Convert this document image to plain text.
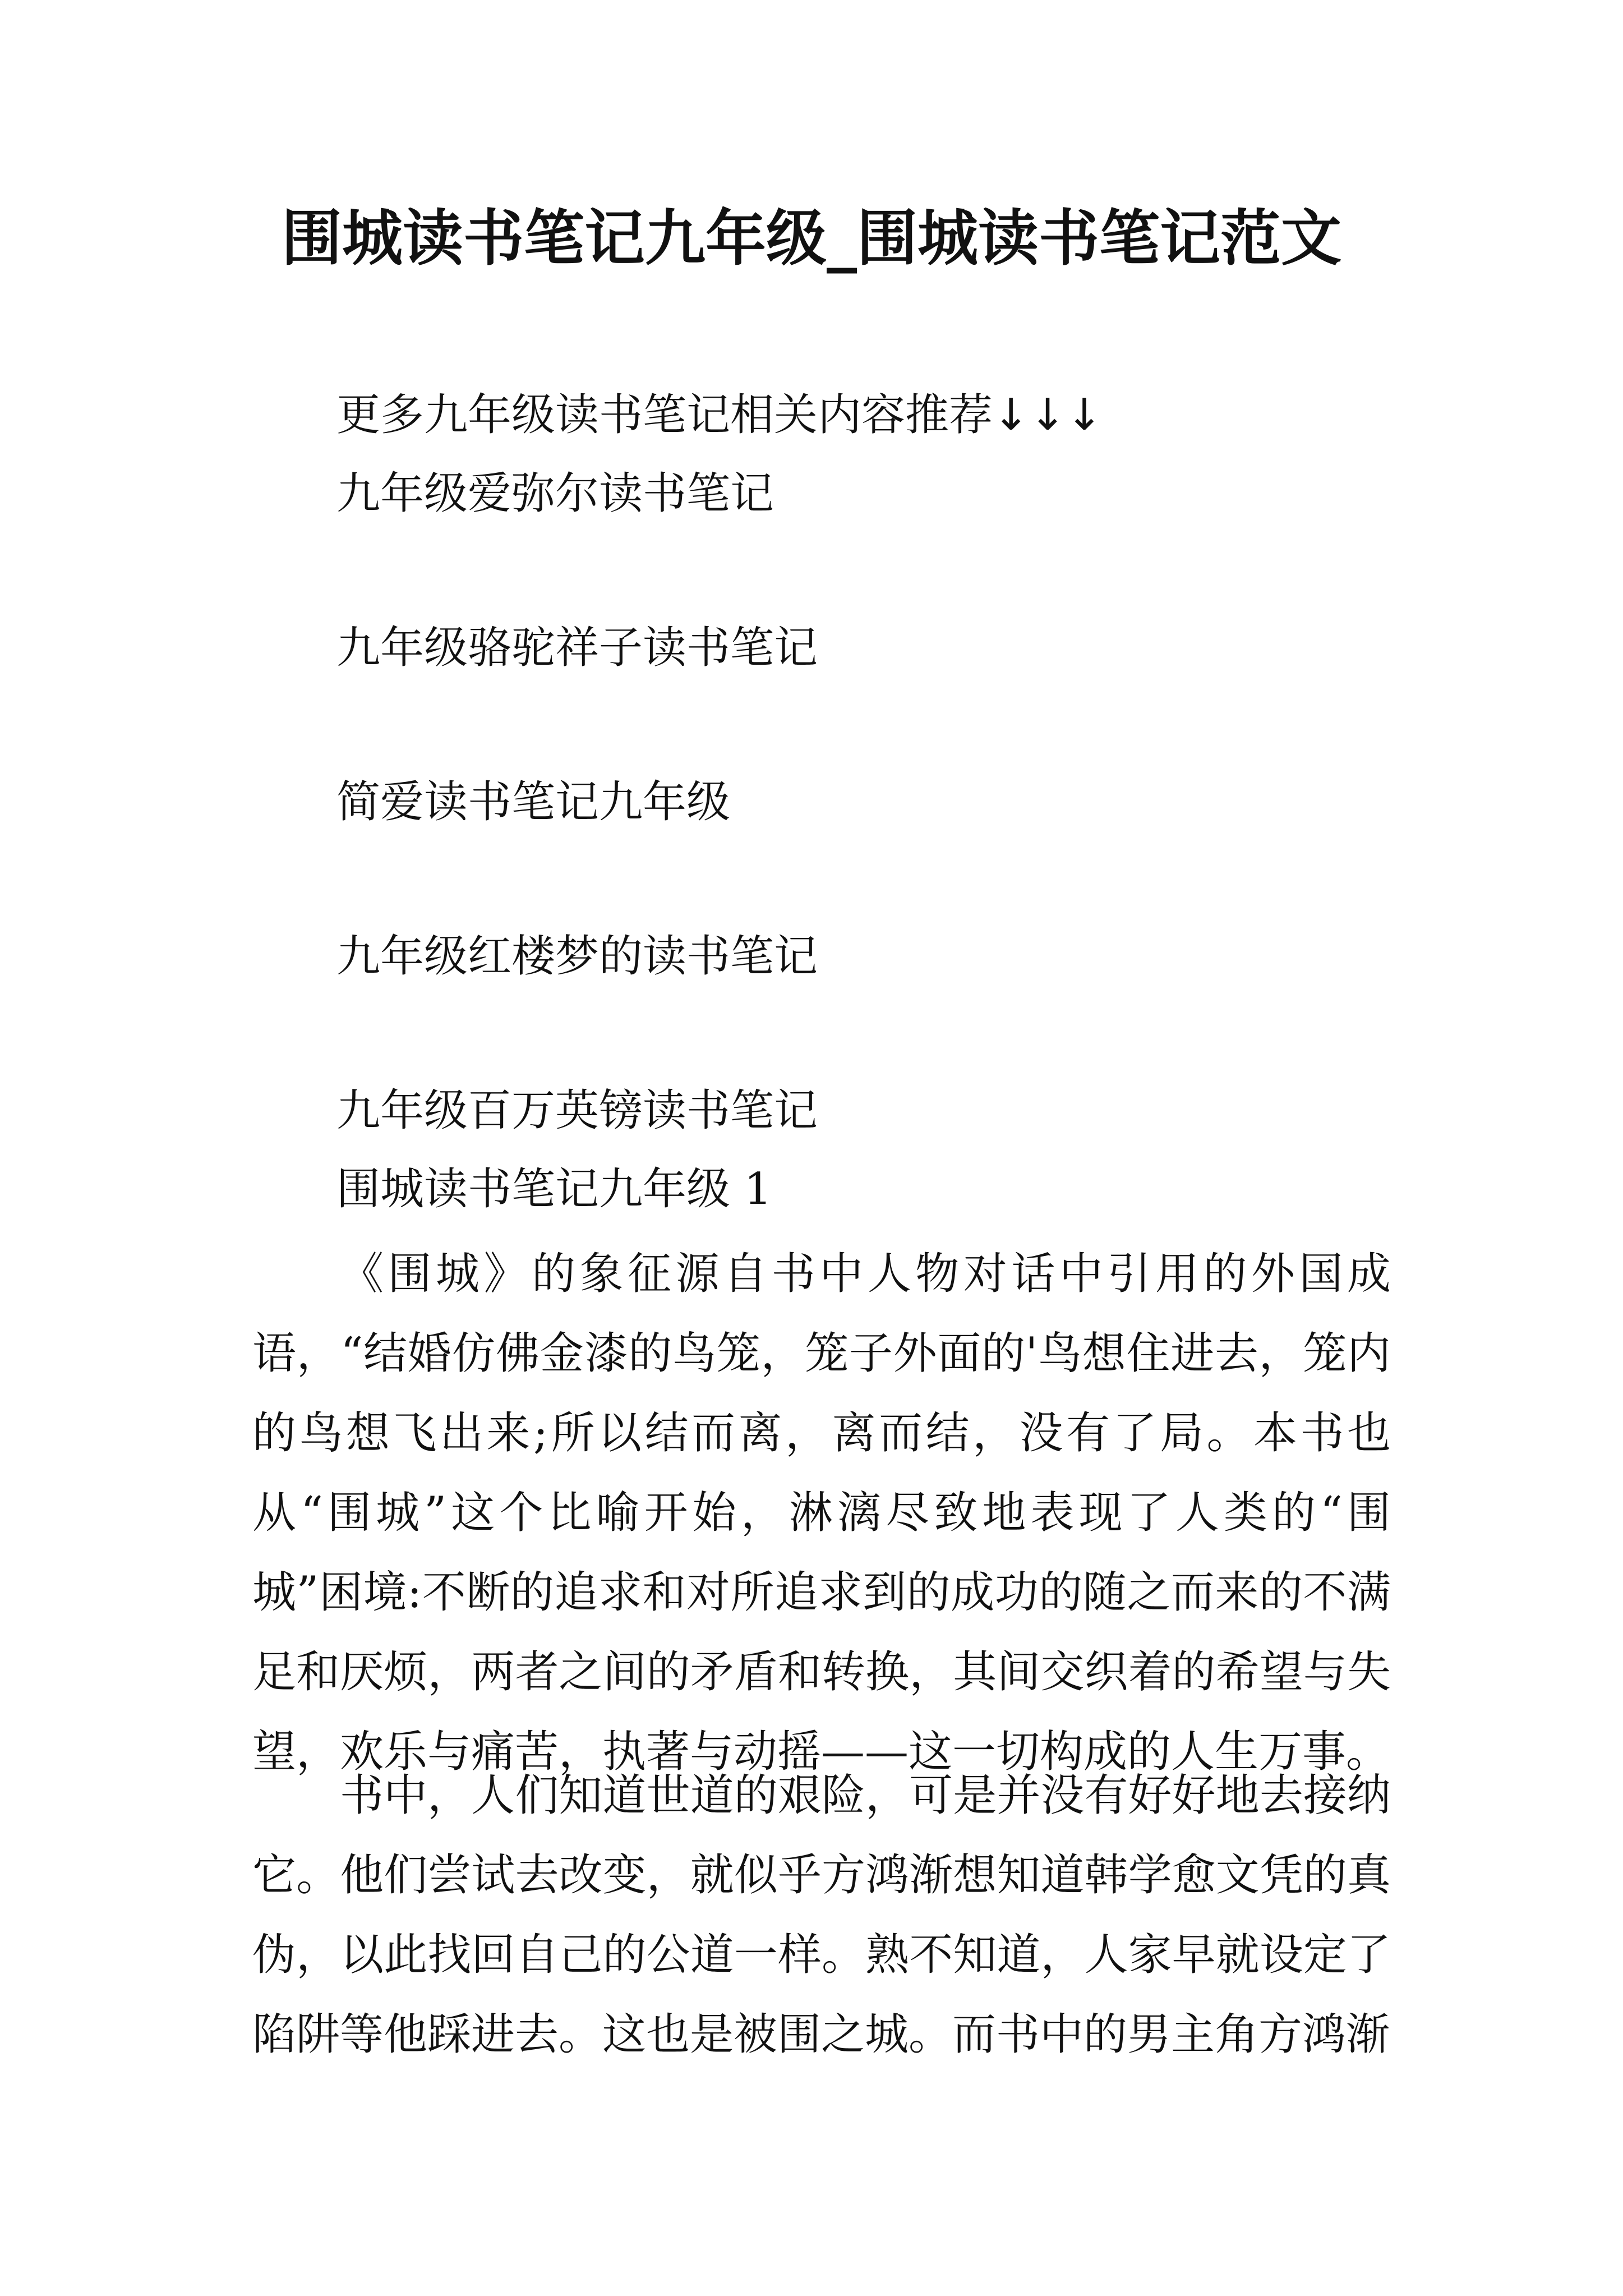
围城读书笔记九年级_围城读书笔记范文
更多九年级读书笔记相关内容推荐↓↓↓
九年级爱弥尔读书笔记
九年级骆驼祥子读书笔记
简爱读书笔记九年级
九年级红楼梦的读书笔记
九年级百万英镑读书笔记
围城读书笔记九年级 1

《围城》的象征源自书中人物对话中引用的外国成语，“结婚仿佛金漆的鸟笼，笼子外面的'鸟想住进去，笼内的鸟想飞出来;所以结而离，离而结，没有了局。本书也从“围城”这个比喻开始，淋漓尽致地表现了人类的“围城”困境:不断的追求和对所追求到的成功的随之而来的不满足和厌烦，两者之间的矛盾和转换，其间交织着的希望与失望，欢乐与痛苦，执著与动摇——这一切构成的人生万事。

书中，人们知道世道的艰险，可是并没有好好地去接纳它。他们尝试去改变，就似乎方鸿渐想知道韩学愈文凭的真伪，以此找回自己的公道一样。熟不知道，人家早就设定了陷阱等他踩进去。这也是被围之城。而书中的男主角方鸿渐
